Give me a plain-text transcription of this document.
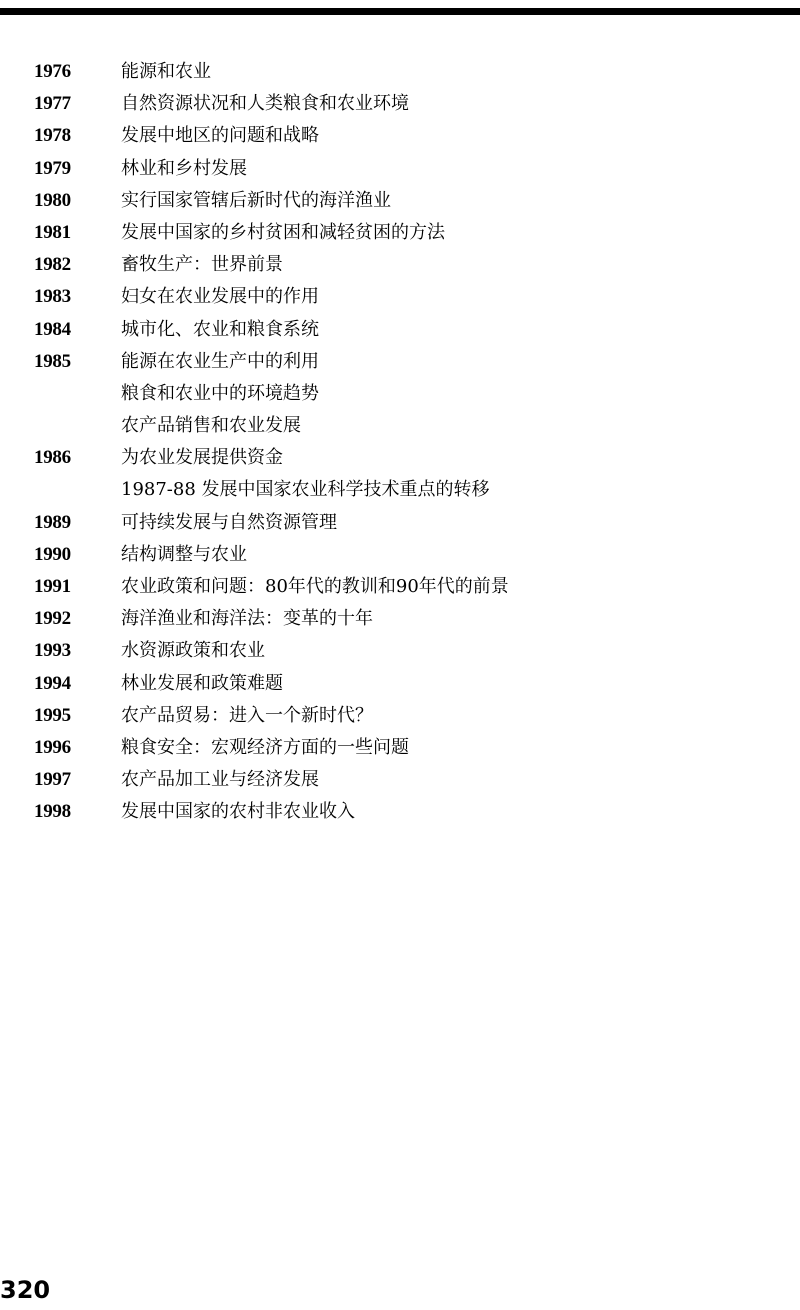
1976	能源和农业
1977	自然资源状况和人类粮食和农业环境
1978	发展中地区的问题和战略
1979	林业和乡村发展
1980	实行国家管辖后新时代的海洋渔业
1981	发展中国家的乡村贫困和减轻贫困的方法
1982	畜牧生产：世界前景
1983	妇女在农业发展中的作用
1984	城市化、农业和粮食系统
1985	能源在农业生产中的利用
粮食和农业中的环境趋势
农产品销售和农业发展
1986	为农业发展提供资金
1987-88 发展中国家农业科学技术重点的转移
1989	可持续发展与自然资源管理
1990	结构调整与农业
1991	农业政策和问题：80年代的教训和90年代的前景
1992	海洋渔业和海洋法：变革的十年
1993	水资源政策和农业
1994	林业发展和政策难题
1995	农产品贸易：进入一个新时代？
1996	粮食安全：宏观经济方面的一些问题
1997	农产品加工业与经济发展
1998	发展中国家的农村非农业收入
320
